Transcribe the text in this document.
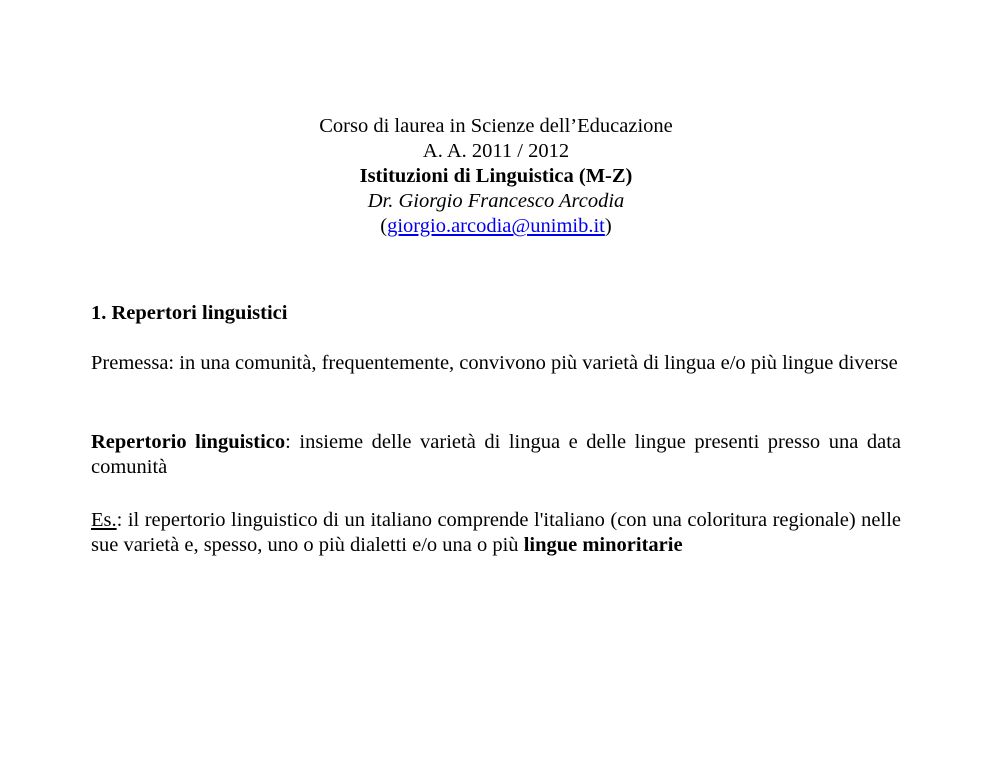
Corso di laurea in Scienze dell’Educazione
A. A. 2011 / 2012
Istituzioni di Linguistica (M-Z)
Dr. Giorgio Francesco Arcodia
(giorgio.arcodia@unimib.it)
1. Repertori linguistici
Premessa: in una comunità, frequentemente, convivono più varietà di lingua e/o più lingue diverse
Repertorio linguistico: insieme delle varietà di lingua e delle lingue presenti presso una data comunità
Es.: il repertorio linguistico di un italiano comprende l'italiano (con una coloritura regionale) nelle sue varietà e, spesso, uno o più dialetti e/o una o più lingue minoritarie
